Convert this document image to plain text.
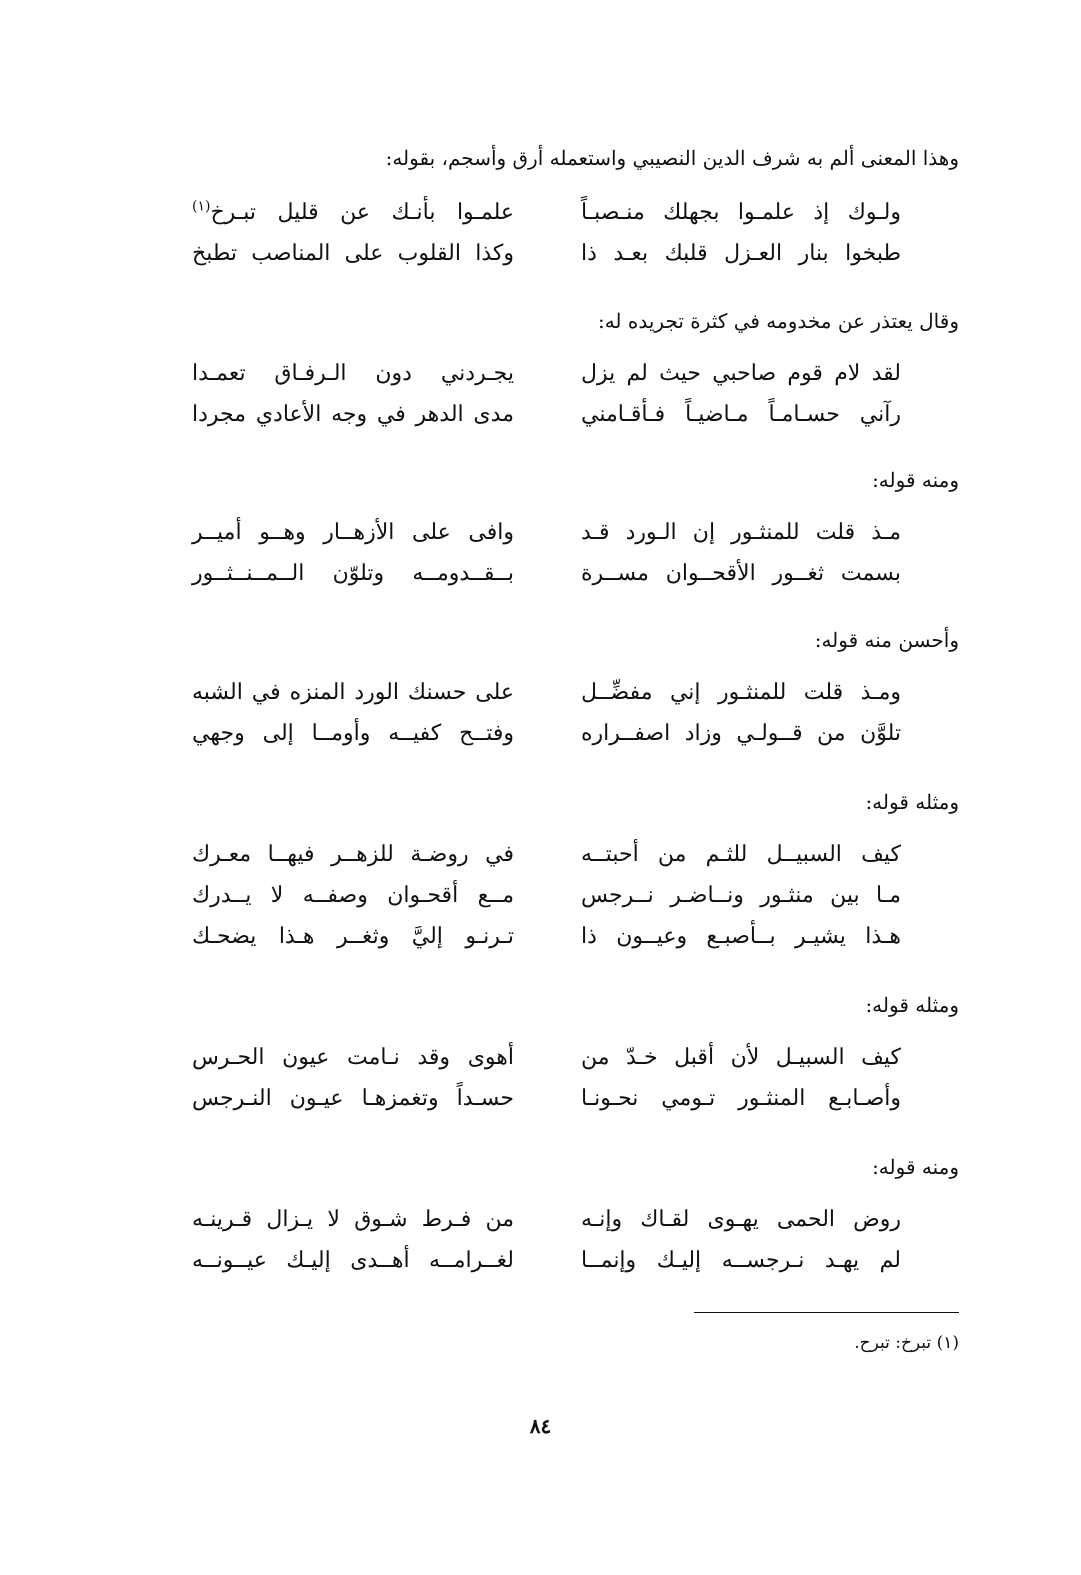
وهذا المعنى ألم به شرف الدين النصيبي واستعمله أرق وأسجم، بقوله:
ولـوك إذ علمـوا بجهلك منـصبـاً
علمـوا بأنـك عن قليل تبـرخ$^{(١)}$
طبخوا بنار العـزل قلبك بعـد ذا
وكذا القلوب على المناصب تطبخ
وقال يعتذر عن مخدومه في كثرة تجريده له:
لقد لام قوم صاحبي حيث لم يزل
يجـردني دون الـرفـاق تعمـدا
رآني حسـامـاً مـاضيـاً فـأقـامني
مدى الدهر في وجه الأعادي مجردا
ومنه قوله:
مـذ قلت للمنثـور إن الـورد قـد
وافى على الأزهــار وهــو أميــر
بسمت ثغــور الأقحــوان مســرة
بــقــدومــه وتلوّن الــمــنــثــور
وأحسن منه قوله:
ومـذ قلت للمنثـور إني مفضِّــل
على حسنك الورد المنزه في الشبه
تلوَّن من قــولـي وزاد اصفــراره
وفتــح كفيــه وأومــا إلى وجهي
ومثله قوله:
كيف السبيــل للثـم من أحبتــه
في روضـة للزهــر فيهــا معـرك
مـا بين منثـور ونــاضـر نــرجس
مــع أقحـوان وصفــه لا يــدرك
هـذا يشيـر بــأصبـع وعيــون ذا
تـرنـو إليَّ وثغــر هـذا يضحـك
ومثله قوله:
كيف السبيـل لأن أقبل خـدّ من
أهوى وقد نـامت عيون الحـرس
وأصـابـع المنثـور تـومي نحـونـا
حسـداً وتغمزهـا عيـون النـرجس
ومنه قوله:
روض الحمى يهـوى لقـاك وإنـه
من فـرط شـوق لا يـزال قـرينـه
لم يهـد نـرجســه إليـك وإنمــا
لغــرامــه أهــدى إليـك عيــونــه
(١) تبرخ: تبرح.
٨٤
